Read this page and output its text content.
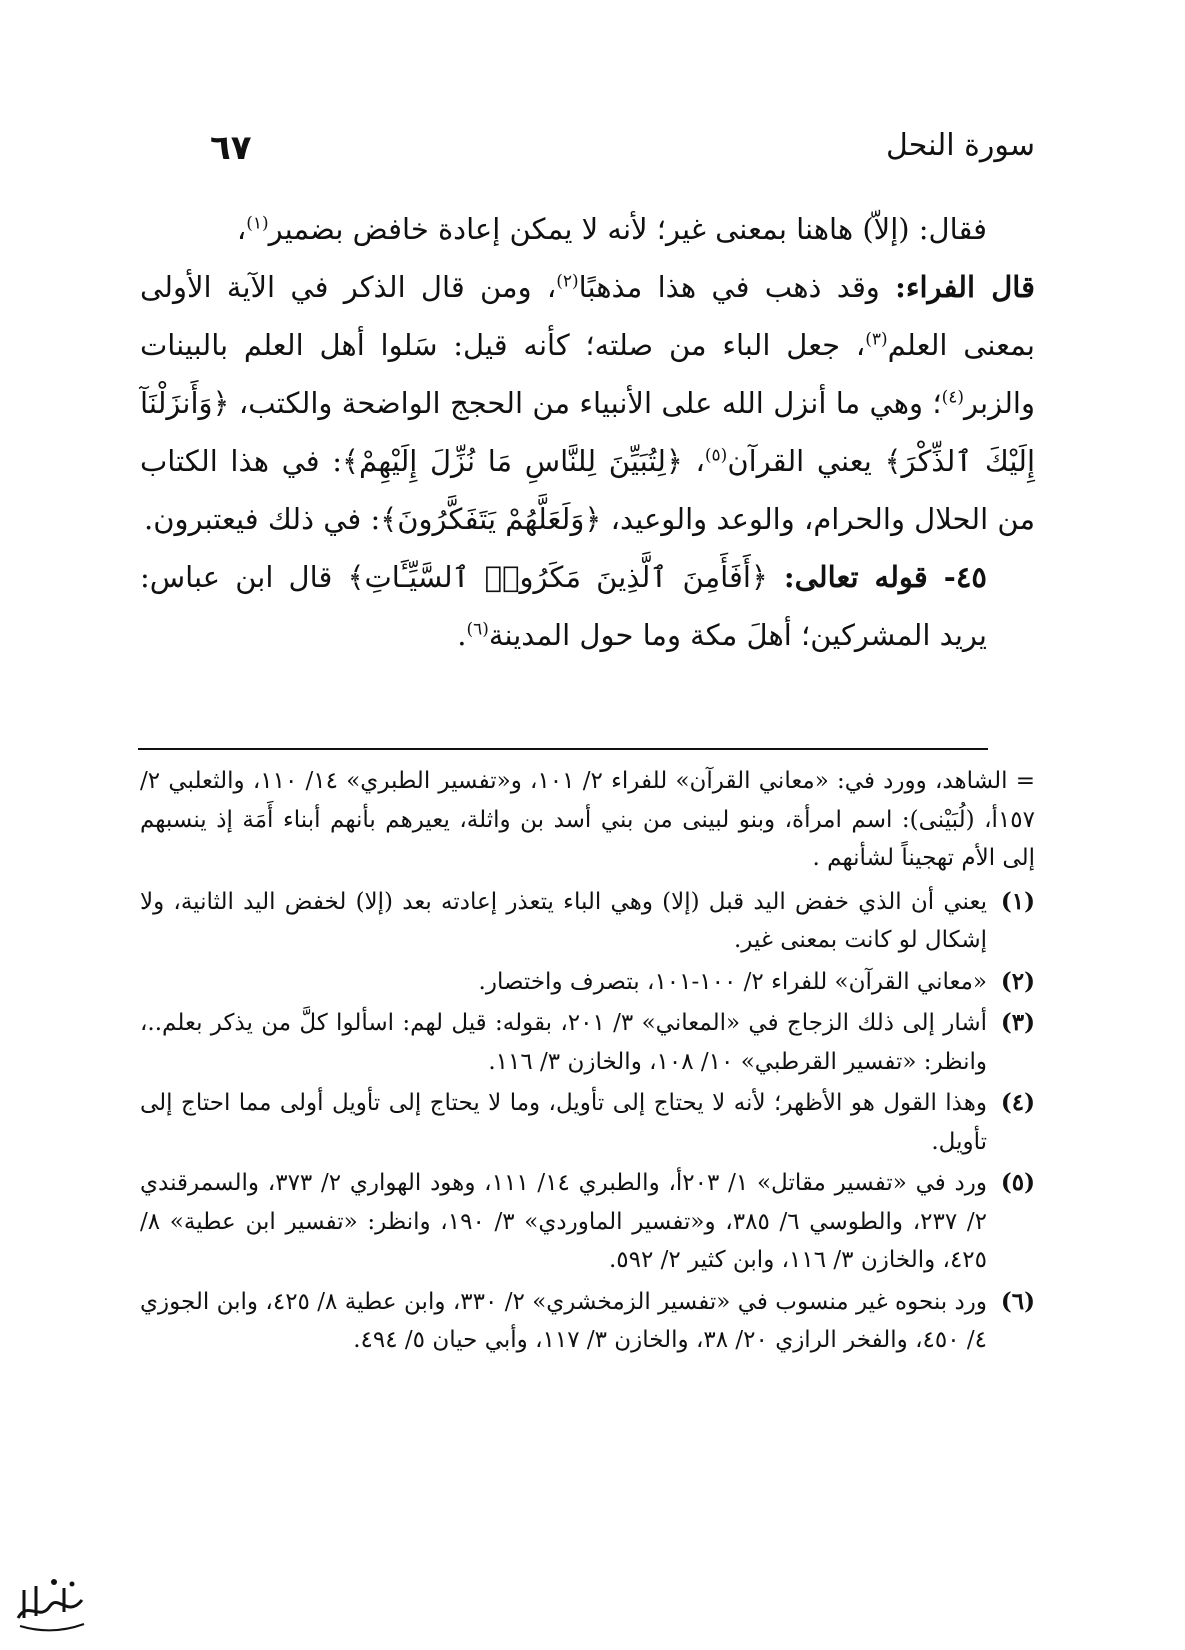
سورة النحل
٦٧

فقال: (إلاّ) هاهنا بمعنى غير؛ لأنه لا يمكن إعادة خافض بضمير$^{(١)}$،

قال الفراء: وقد ذهب في هذا مذهبًا$^{(٢)}$، ومن قال الذكر في الآية الأولى بمعنى العلم$^{(٣)}$، جعل الباء من صلته؛ كأنه قيل: سَلوا أهل العلم بالبينات والزبر$^{(٤)}$؛ وهي ما أنزل الله على الأنبياء من الحجج الواضحة والكتب، ﴿وَأَنزَلْنَآ إِلَيْكَ ٱلذِّكْرَ﴾ يعني القرآن$^{(٥)}$، ﴿لِتُبَيِّنَ لِلنَّاسِ مَا نُزِّلَ إِلَيْهِمْ﴾: في هذا الكتاب من الحلال والحرام، والوعد والوعيد، ﴿وَلَعَلَّهُمْ يَتَفَكَّرُونَ﴾: في ذلك فيعتبرون.

٤٥- قوله تعالى: ﴿أَفَأَمِنَ ٱلَّذِينَ مَكَرُوا۟ ٱلسَّيِّـَٔاتِ﴾ قال ابن عباس: يريد المشركين؛ أهلَ مكة وما حول المدينة$^{(٦)}$.

= الشاهد، وورد في: «معاني القرآن» للفراء ٢/ ١٠١، و«تفسير الطبري» ١٤/ ١١٠، والثعلبي ٢/ ١٥٧أ، (لُبَيْنى): اسم امرأة، وبنو لبينى من بني أسد بن واثلة، يعيرهم بأنهم أبناء أَمَة إذ ينسبهم إلى الأم تهجيناً لشأنهم .

(١)
يعني أن الذي خفض اليد قبل (إلا) وهي الباء يتعذر إعادته بعد (إلا) لخفض اليد الثانية، ولا إشكال لو كانت بمعنى غير.

(٢)
«معاني القرآن» للفراء ٢/ ١٠٠-١٠١، بتصرف واختصار.

(٣)
أشار إلى ذلك الزجاج في «المعاني» ٣/ ٢٠١، بقوله: قيل لهم: اسألوا كلَّ من يذكر بعلم..، وانظر: «تفسير القرطبي» ١٠/ ١٠٨، والخازن ٣/ ١١٦.

(٤)
وهذا القول هو الأظهر؛ لأنه لا يحتاج إلى تأويل، وما لا يحتاج إلى تأويل أولى مما احتاج إلى تأويل.

(٥)
ورد في «تفسير مقاتل» ١/ ٢٠٣أ، والطبري ١٤/ ١١١، وهود الهواري ٢/ ٣٧٣، والسمرقندي ٢/ ٢٣٧، والطوسي ٦/ ٣٨٥، و«تفسير الماوردي» ٣/ ١٩٠، وانظر: «تفسير ابن عطية» ٨/ ٤٢٥، والخازن ٣/ ١١٦، وابن كثير ٢/ ٥٩٢.

(٦)
ورد بنحوه غير منسوب في «تفسير الزمخشري» ٢/ ٣٣٠، وابن عطية ٨/ ٤٢٥، وابن الجوزي ٤/ ٤٥٠، والفخر الرازي ٢٠/ ٣٨، والخازن ٣/ ١١٧، وأبي حيان ٥/ ٤٩٤.
